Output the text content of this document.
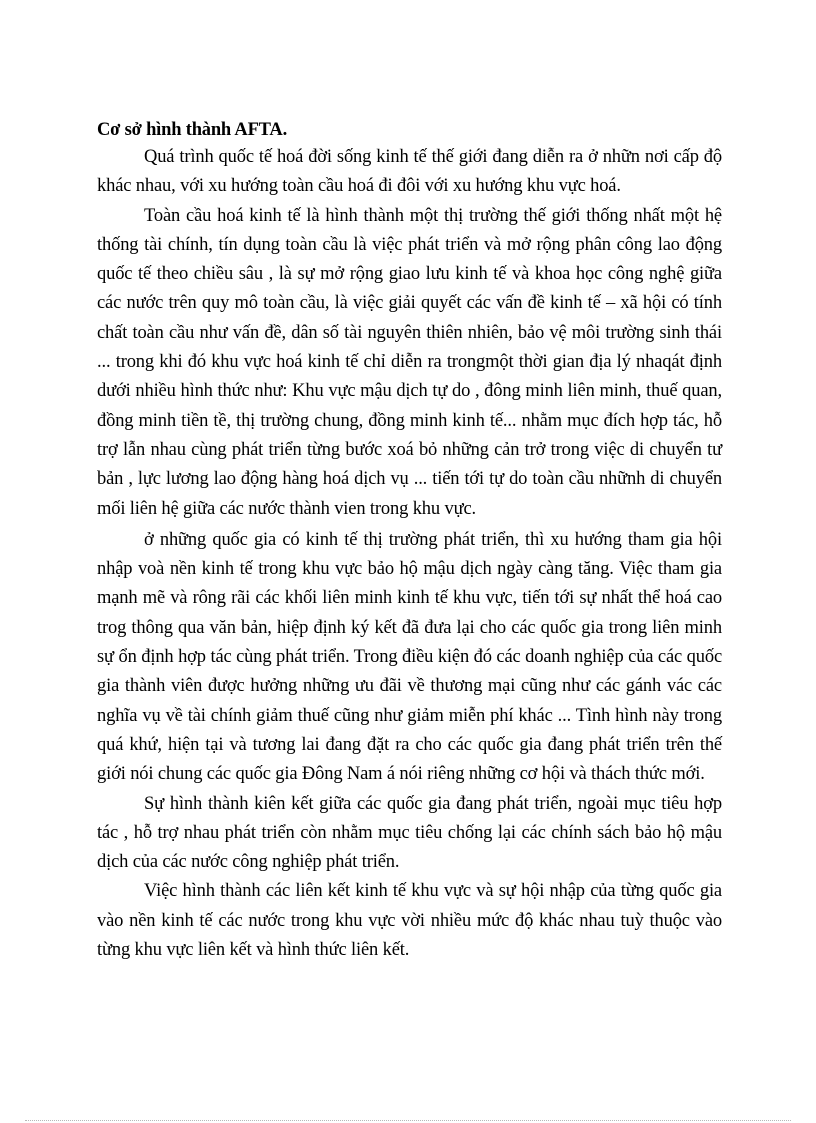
Cơ sở hình thành AFTA.

Quá trình quốc tế hoá đời sống kinh tế thế giới đang diễn ra ở nhữn nơi cấp độ khác nhau, với xu hướng toàn cầu hoá đi đôi với xu hướng khu vực hoá.

Toàn cầu hoá kinh tế là hình thành một thị trường thế giới thống nhất một hệ thống tài chính, tín dụng toàn cầu là việc phát triển và mở rộng phân công lao động quốc tế theo chiều sâu , là sự mở rộng giao lưu kinh tế và khoa học công nghệ giữa các nước trên quy mô toàn cầu, là việc giải quyết các vấn đề kinh tế – xã hội có tính chất toàn cầu như vấn đề, dân số tài nguyên thiên nhiên, bảo vệ môi trường sinh thái ... trong khi đó khu vực hoá kinh tế chỉ diễn ra trongmột thời gian địa lý nhaqát định dưới nhiều hình thức như: Khu vực mậu dịch tự do , đông minh liên minh, thuế quan, đồng minh tiền tề, thị trường chung, đồng minh kinh tế... nhằm mục đích hợp tác, hỗ trợ lẫn nhau cùng phát triển từng bước xoá bỏ những cản trở trong việc di chuyển tư bản , lực lương lao động hàng hoá dịch vụ ... tiến tới tự do toàn cầu nhữnh di chuyển mối liên hệ giữa các nước thành vien trong khu vực.

ở những quốc gia có kinh tế thị trường phát triển, thì xu hướng tham gia hội nhập voà nền kinh tế trong khu vực bảo hộ mậu dịch ngày càng tăng. Việc tham gia mạnh mẽ và rông rãi các khối liên minh kinh tế khu vực, tiến tới sự nhất thể hoá cao trog thông qua văn bản, hiệp định ký kết đã đưa lại cho các quốc gia trong liên minh sự ổn định hợp tác cùng phát triển. Trong điều kiện đó các doanh nghiệp của các quốc gia thành viên được hưởng những ưu đãi về thương mại cũng như các gánh vác các nghĩa vụ về tài chính giảm thuế cũng như giảm miễn phí khác ... Tình hình này trong quá khứ, hiện tại và tương lai đang đặt ra cho các quốc gia đang phát triển trên thế giới nói chung các quốc gia Đông Nam á nói riêng những cơ hội và thách thức mới.

Sự hình thành kiên kết giữa các quốc gia đang phát triển, ngoài mục tiêu hợp tác , hỗ trợ nhau phát triển còn nhằm mục tiêu chống lại các chính sách bảo hộ mậu dịch của các nước công nghiệp phát triển.

Việc hình thành các liên kết kinh tế khu vực và sự hội nhập của từng quốc gia vào nền kinh tế các nước trong khu vực vời nhiều mức độ khác nhau tuỳ thuộc vào từng khu vực liên kết và hình thức liên kết.
